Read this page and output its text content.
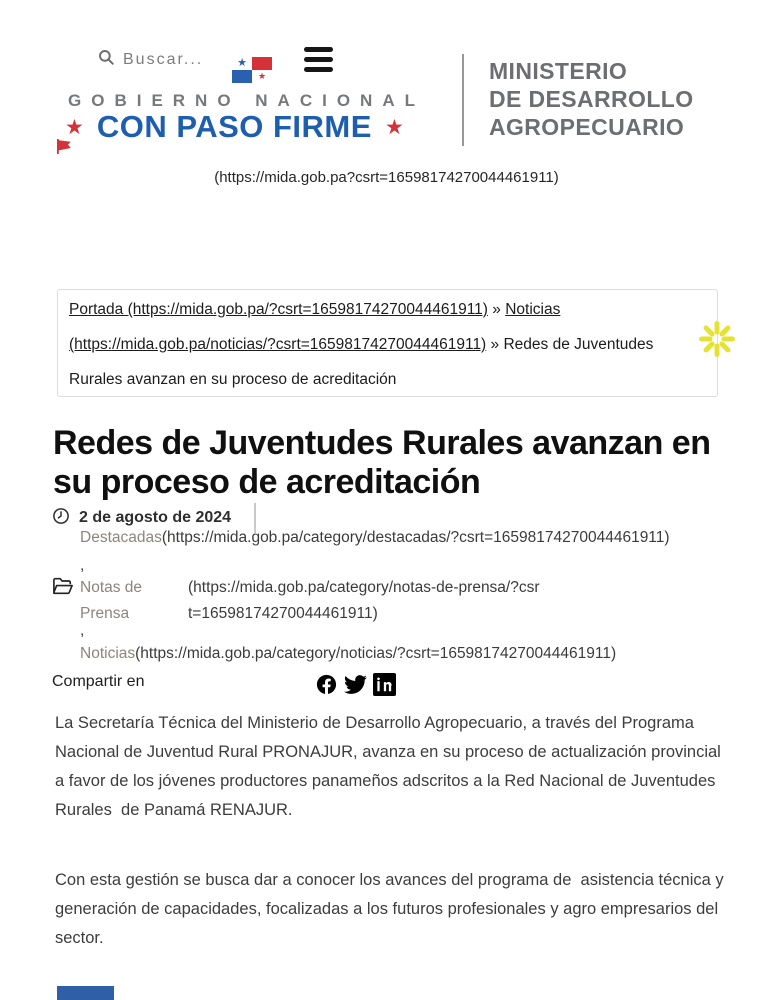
Buscar...	★
★
GOBIERNO NACIONAL
★ CON PASO FIRME ★
MINISTERIO
DE DESARROLLO
AGROPECUARIO
(https://mida.gob.pa?csrt=16598174270044461911)
Portada (https://mida.gob.pa/?csrt=16598174270044461911) » Noticias (https://mida.gob.pa/noticias/?csrt=16598174270044461911) » Redes de Juventudes Rurales avanzan en su proceso de acreditación
Redes de Juventudes Rurales avanzan en su proceso de acreditación
2 de agosto de 2024
Destacadas(https://mida.gob.pa/category/destacadas/?csrt=16598174270044461911)
,
Notas de Prensa
(https://mida.gob.pa/category/notas-de-prensa/?csrt=16598174270044461911)
,
Noticias(https://mida.gob.pa/category/noticias/?csrt=16598174270044461911)
Compartir en

La Secretaría Técnica del Ministerio de Desarrollo Agropecuario, a través del Programa Nacional de Juventud Rural PRONAJUR, avanza en su proceso de actualización provincial a favor de los jóvenes productores panameños adscritos a la Red Nacional de Juventudes Rurales  de Panamá RENAJUR.

Con esta gestión se busca dar a conocer los avances del programa de  asistencia técnica y generación de capacidades, focalizadas a los futuros profesionales y agro empresarios del sector.
